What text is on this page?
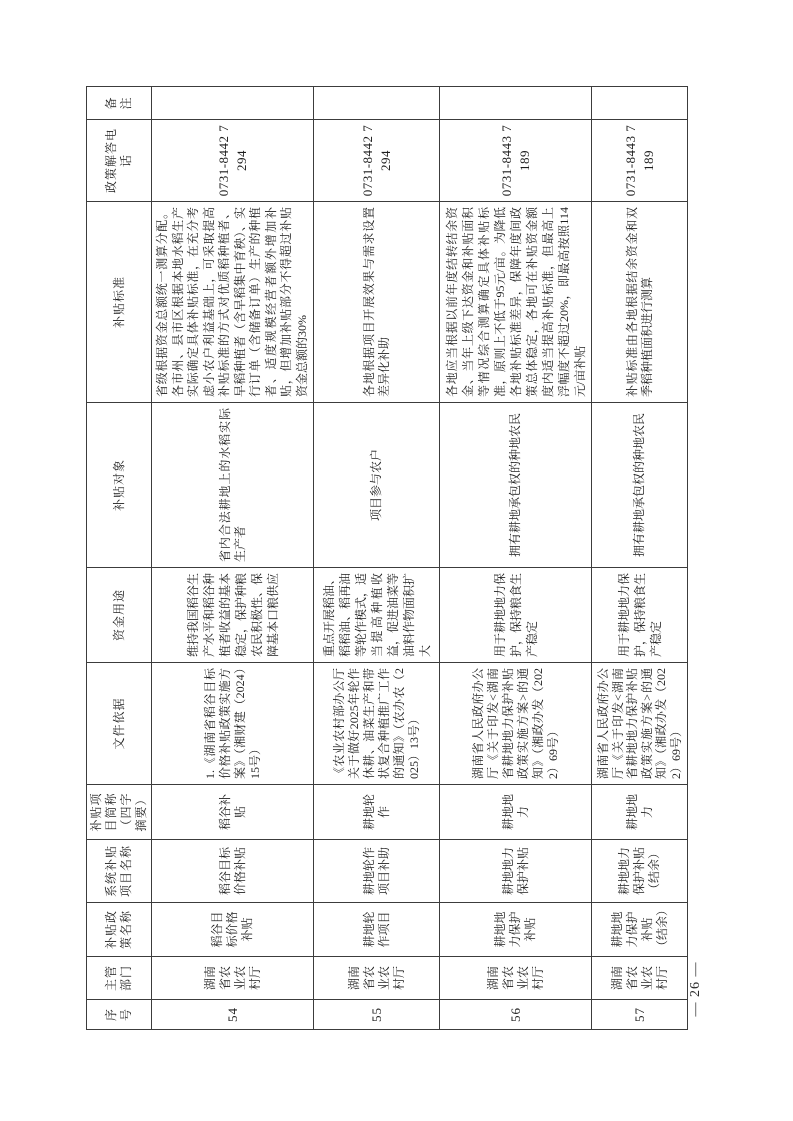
序号	主管部门	补贴政策名称	系统补贴项目名称	补贴项目简称（四字摘要）	文件依据	资金用途	补贴对象	补贴标准	政策解答电话	备注
54	湖南省农业农村厅	稻谷目标价格补贴	稻谷目标价格补贴	稻谷补贴	1.《湖南省稻谷目标价格补贴政策实施方案》（湘财建（2024）15号）	维持我国稻谷生产水平和稻谷种植者收益的基本稳定，保护种粮农民积极性、保障基本口粮供应	省内合法耕地上的水稻实际生产者	省级根据资金总额统一测算分配。各市州、县市区根据本地水稻生产实际确定具体补贴标准，在充分考虑小农户利益基础上，可采取提高补贴标准的方式对优质稻种植者、早稻种植者（含早稻集中育秧）、实行订单（含储备订单）生产的种植者、适度规模经营者额外增加补贴，但增加补贴部分不得超过补贴资金总额的30%	0731-8442 7294	
55	湖南省农业农村厅	耕地轮作项目	耕地轮作项目补助	耕地轮作	《农业农村部办公厅关于做好2025年轮作休耕、油菜生产和带状复合种植推广工作的通知》（农办农（2025）13号）	重点开展稻油、稻稻油、稻再油等轮作模式，适当提高种植收益，促进油菜等油料作物面积扩大	项目参与农户	各地根据项目开展效果与需求设置差异化补助	0731-8442 7294	
56	湖南省农业农村厅	耕地地力保护补贴	耕地地力保护补贴	耕地地力	湖南省人民政府办公厅《关于印发<湖南省耕地地力保护补贴政策实施方案>的通知》（湘政办发（2022）69号）	用于耕地地力保护，保持粮食生产稳定	拥有耕地承包权的种地农民	各地应当根据以前年度结转结余资金、当年上级下达资金和补贴面积等情况综合测算确定具体补贴标准，原则上不低于95元/亩。为降低各地补贴标准差异，保障年度间政策总体稳定，各地可在补贴资金额度内适当提高补贴标准，但最高上浮幅度不超过20%，即最高按照114元/亩补贴	0731-8443 7189	
57	湖南省农业农村厅	耕地地力保护补贴（结余）	耕地地力保护补贴（结余）	耕地地力	湖南省人民政府办公厅《关于印发<湖南省耕地地力保护补贴政策实施方案>的通知》（湘政办发（2022）69号）	用于耕地地力保护，保持粮食生产稳定	拥有耕地承包权的种地农民	补贴标准由各地根据结余资金和双季稻种植面积进行测算	0731-8443 7189	
— 26 —
